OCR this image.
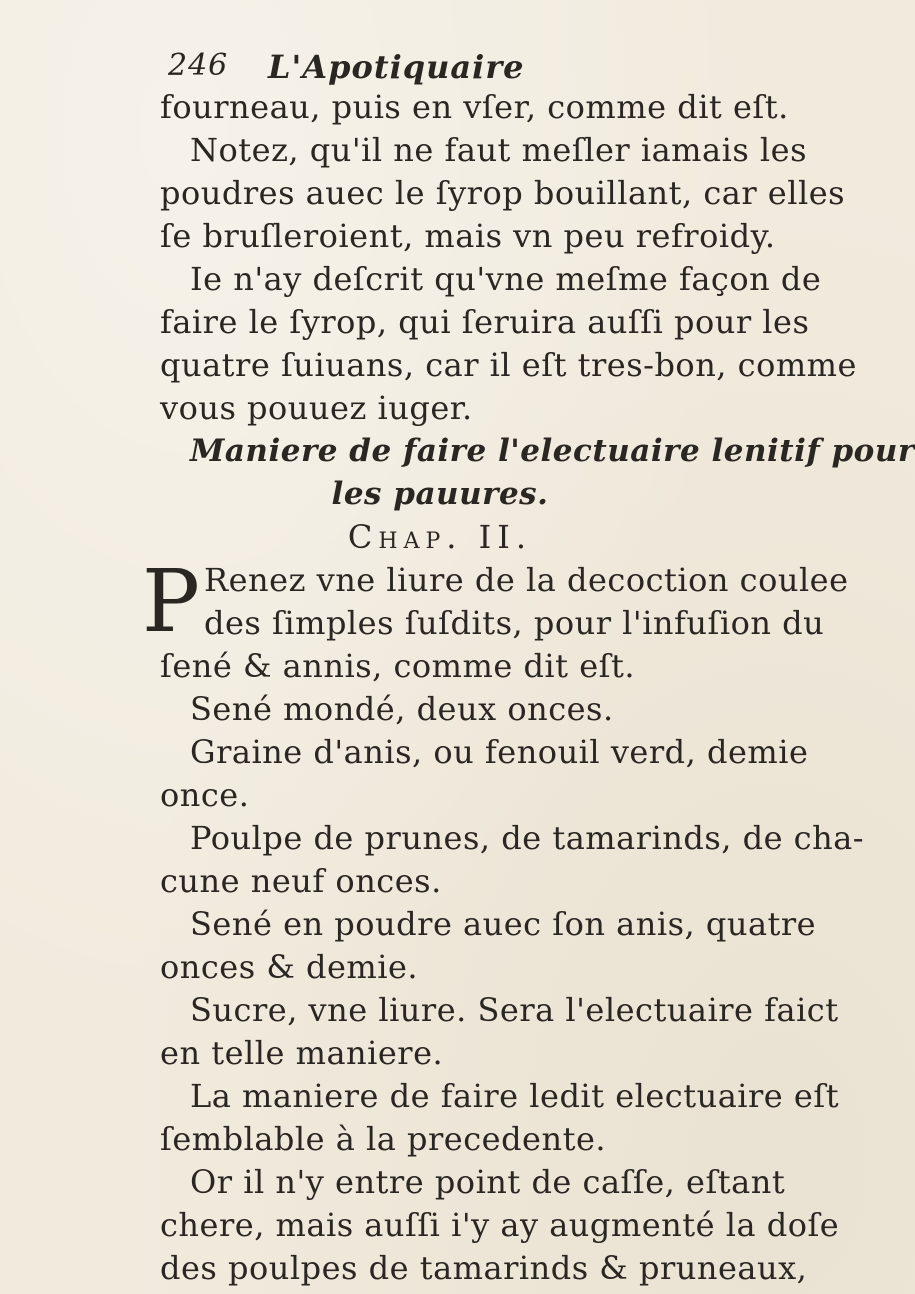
246 L'Apotiquaire
fourneau, puis en vſer, comme dit eſt.
Notez, qu'il ne faut meſler iamais les
poudres auec le ſyrop bouillant, car elles
ſe bruſleroient, mais vn peu refroidy.
Ie n'ay deſcrit qu'vne meſme façon de
faire le ſyrop, qui ſeruira auſſi pour les
quatre ſuiuans, car il eſt tres-bon, comme
vous pouuez iuger.
Maniere de faire l'electuaire lenitif pour
les pauures.
Chap. II.
P Renez vne liure de la decoction coulee
des ſimples ſuſdits, pour l'infuſion du
ſené & annis, comme dit eſt.
Sené mondé, deux onces.
Graine d'anis, ou fenouil verd, demie
once.
Poulpe de prunes, de tamarinds, de cha-
cune neuf onces.
Sené en poudre auec ſon anis, quatre
onces & demie.
Sucre, vne liure. Sera l'electuaire faict
en telle maniere.
La maniere de faire ledit electuaire eſt
ſemblable à la precedente.
Or il n'y entre point de caſſe, eſtant
chere, mais auſſi i'y ay augmenté la doſe
des poulpes de tamarinds & pruneaux,
